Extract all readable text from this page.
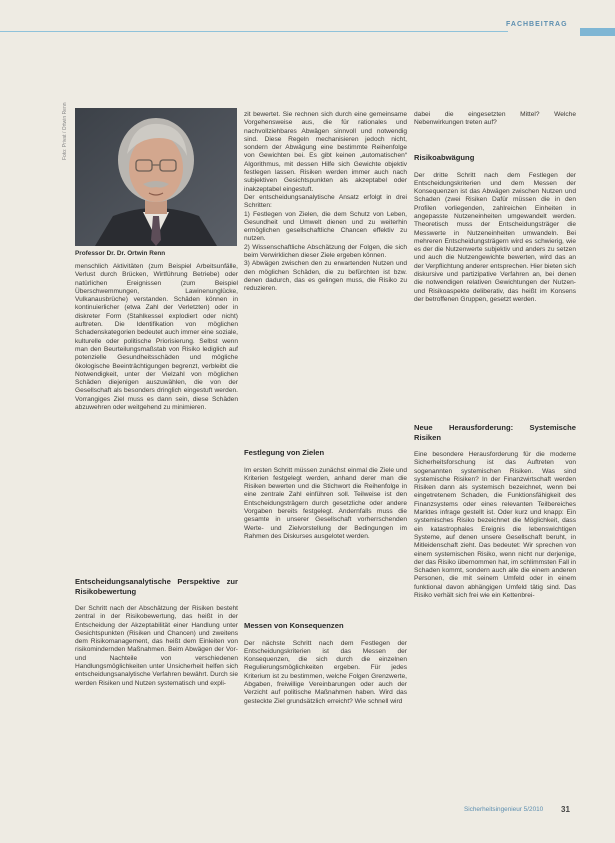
FACHBEITRAG
Foto: Privat / Ortwin Renn
Professor Dr. Dr. Ortwin Renn

menschlich Aktivitäten (zum Beispiel Arbeitsunfälle, Verlust durch Brücken, Wirtführung Betriebe) oder natürlichen Ereignissen (zum Beispiel Überschwemmungen, Lawinenunglücke, Vulkanausbrüche) verstanden. Schäden können in kontinuierlicher (etwa Zahl der Verletzten) oder in diskreter Form (Stahlkessel explodiert oder nicht) auftreten. Die Identifikation von möglichen Schadenskategorien bedeutet auch immer eine soziale, kulturelle oder politische Priorisierung. Selbst wenn man den Beurteilungsmaßstab von Risiko lediglich auf potenzielle Gesundheitsschäden und mögliche ökologische Beeinträchtigungen begrenzt, verbleibt die Notwendigkeit, unter der Vielzahl von möglichen Schäden diejenigen auszuwählen, die von der Gesellschaft als besonders dringlich eingestuft werden. Vorrangiges Ziel muss es dann sein, diese Schäden abzuwehren oder weitgehend zu minimieren.

Entscheidungsanalytische Perspektive zur Risikobewertung

Der Schritt nach der Abschätzung der Risiken besteht zentral in der Risikobewertung, das heißt in der Entscheidung der Akzeptabilität einer Handlung unter Gesichtspunkten (Risiken und Chancen) und zweitens dem Risikomanagement, das heißt dem Einleiten von risikomindernden Maßnahmen. Beim Abwägen der Vor- und Nachteile von verschiedenen Handlungsmöglichkeiten unter Unsicherheit helfen sich entscheidungsanalytische Verfahren bewährt. Durch sie werden Risiken und Nutzen systematisch und expli-

zit bewertet. Sie rechnen sich durch eine gemeinsame Vorgehensweise aus, die für rationales und nachvollziehbares Abwägen sinnvoll und notwendig sind. Diese Regeln mechanisieren jedoch nicht, sondern der Abwägung eine bestimmte Reihenfolge von Gewichten bei. Es gibt keinen „automatischen“ Algorithmus, mit dessen Hilfe sich Gewichte objektiv festlegen lassen. Risiken werden immer auch nach subjektiven Gesichtspunkten als akzeptabel oder inakzeptabel eingestuft.

Der entscheidungsanalytische Ansatz erfolgt in drei Schritten:

1) Festlegen von Zielen, die dem Schutz von Leben, Gesundheit und Umwelt dienen und zu weiterhin ermöglichen gesellschaftliche Chancen effektiv zu nutzen.

2) Wissenschaftliche Abschätzung der Folgen, die sich beim Verwirklichen dieser Ziele ergeben können.

3) Abwägen zwischen den zu erwartenden Nutzen und den möglichen Schäden, die zu befürchten ist bzw. denen dadurch, das es gelingen muss, die Risiko zu reduzieren.

Festlegung von Zielen

Im ersten Schritt müssen zunächst einmal die Ziele und Kriterien festgelegt werden, anhand derer man die Risiken bewerten und die Stichwort die Reihenfolge in eine zentrale Zahl einführen soll. Teilweise ist den Entscheidungsträgern durch gesetzliche oder andere Vorgaben bereits festgelegt. Andernfalls muss die gesamte in unserer Gesellschaft vorherrschenden Werte- und Zielvorstellung der Bedingungen im Rahmen des Diskurses ausgelotet werden.

Messen von Konsequenzen

Der nächste Schritt nach dem Festlegen der Entscheidungskriterien ist das Messen der Konsequenzen, die sich durch die einzelnen Regulierungsmöglichkeiten ergeben. Für jedes Kriterium ist zu bestimmen, welche Folgen Grenzwerte, Abgaben, freiwillige Vereinbarungen oder auch der Verzicht auf politische Maßnahmen haben. Wird das gesteckte Ziel grundsätzlich erreicht? Wie schnell wird

dabei die eingesetzten Mittel? Welche Nebenwirkungen treten auf?

Risikoabwägung

Der dritte Schritt nach dem Festlegen der Entscheidungskriterien und dem Messen der Konsequenzen ist das Abwägen zwischen Nutzen und Schaden (zwei Risiken Dafür müssen die in den Profilen vorliegenden, zahlreichen Einheiten in angepasste Nutzeneinheiten umgewandelt werden. Theoretisch muss der Entscheidungsträger die Messwerte in Nutzeneinheiten umwandeln. Bei mehreren Entscheidungsträgern wird es schwierig, wie es der die Nutzenwerte subjektiv und anders zu setzen und auch die Nutzengewichte bewerten, wird das an der Verpflichtung anderer entsprechen. Hier bieten sich diskursive und partizipative Verfahren an, bei denen die notwendigen relativen Gewichtungen der Nutzen- und Risikoaspekte deliberativ, das heißt im Konsens der betroffenen Gruppen, gesetzt werden.

Neue Herausforderung: Systemische Risiken

Eine besondere Herausforderung für die moderne Sicherheitsforschung ist das Auftreten von sogenannten systemischen Risiken. Was sind systemische Risiken? In der Finanzwirtschaft werden Risiken dann als systemisch bezeichnet, wenn bei eingetretenem Schaden, die Funktionsfähigkeit des Finanzsystems oder eines relevanten Teilbereiches Marktes infrage gestellt ist. Oder kurz und knapp: Ein systemisches Risiko bezeichnet die Möglichkeit, dass ein katastrophales Ereignis die lebenswichtigen Systeme, auf denen unsere Gesellschaft beruht, in Mitleidenschaft zieht. Das bedeutet: Wir sprechen von einem systemischen Risiko, wenn nicht nur derjenige, der das Risiko übernommen hat, im schlimmsten Fall in Schaden kommt, sondern auch alle die einem anderen Personen, die mit seinem Umfeld oder in einem funktional davon abhängigen Umfeld tätig sind. Das Risiko verhält sich frei wie ein Kettenbrei-

Sicherheitsingenieur 5/2010 31
